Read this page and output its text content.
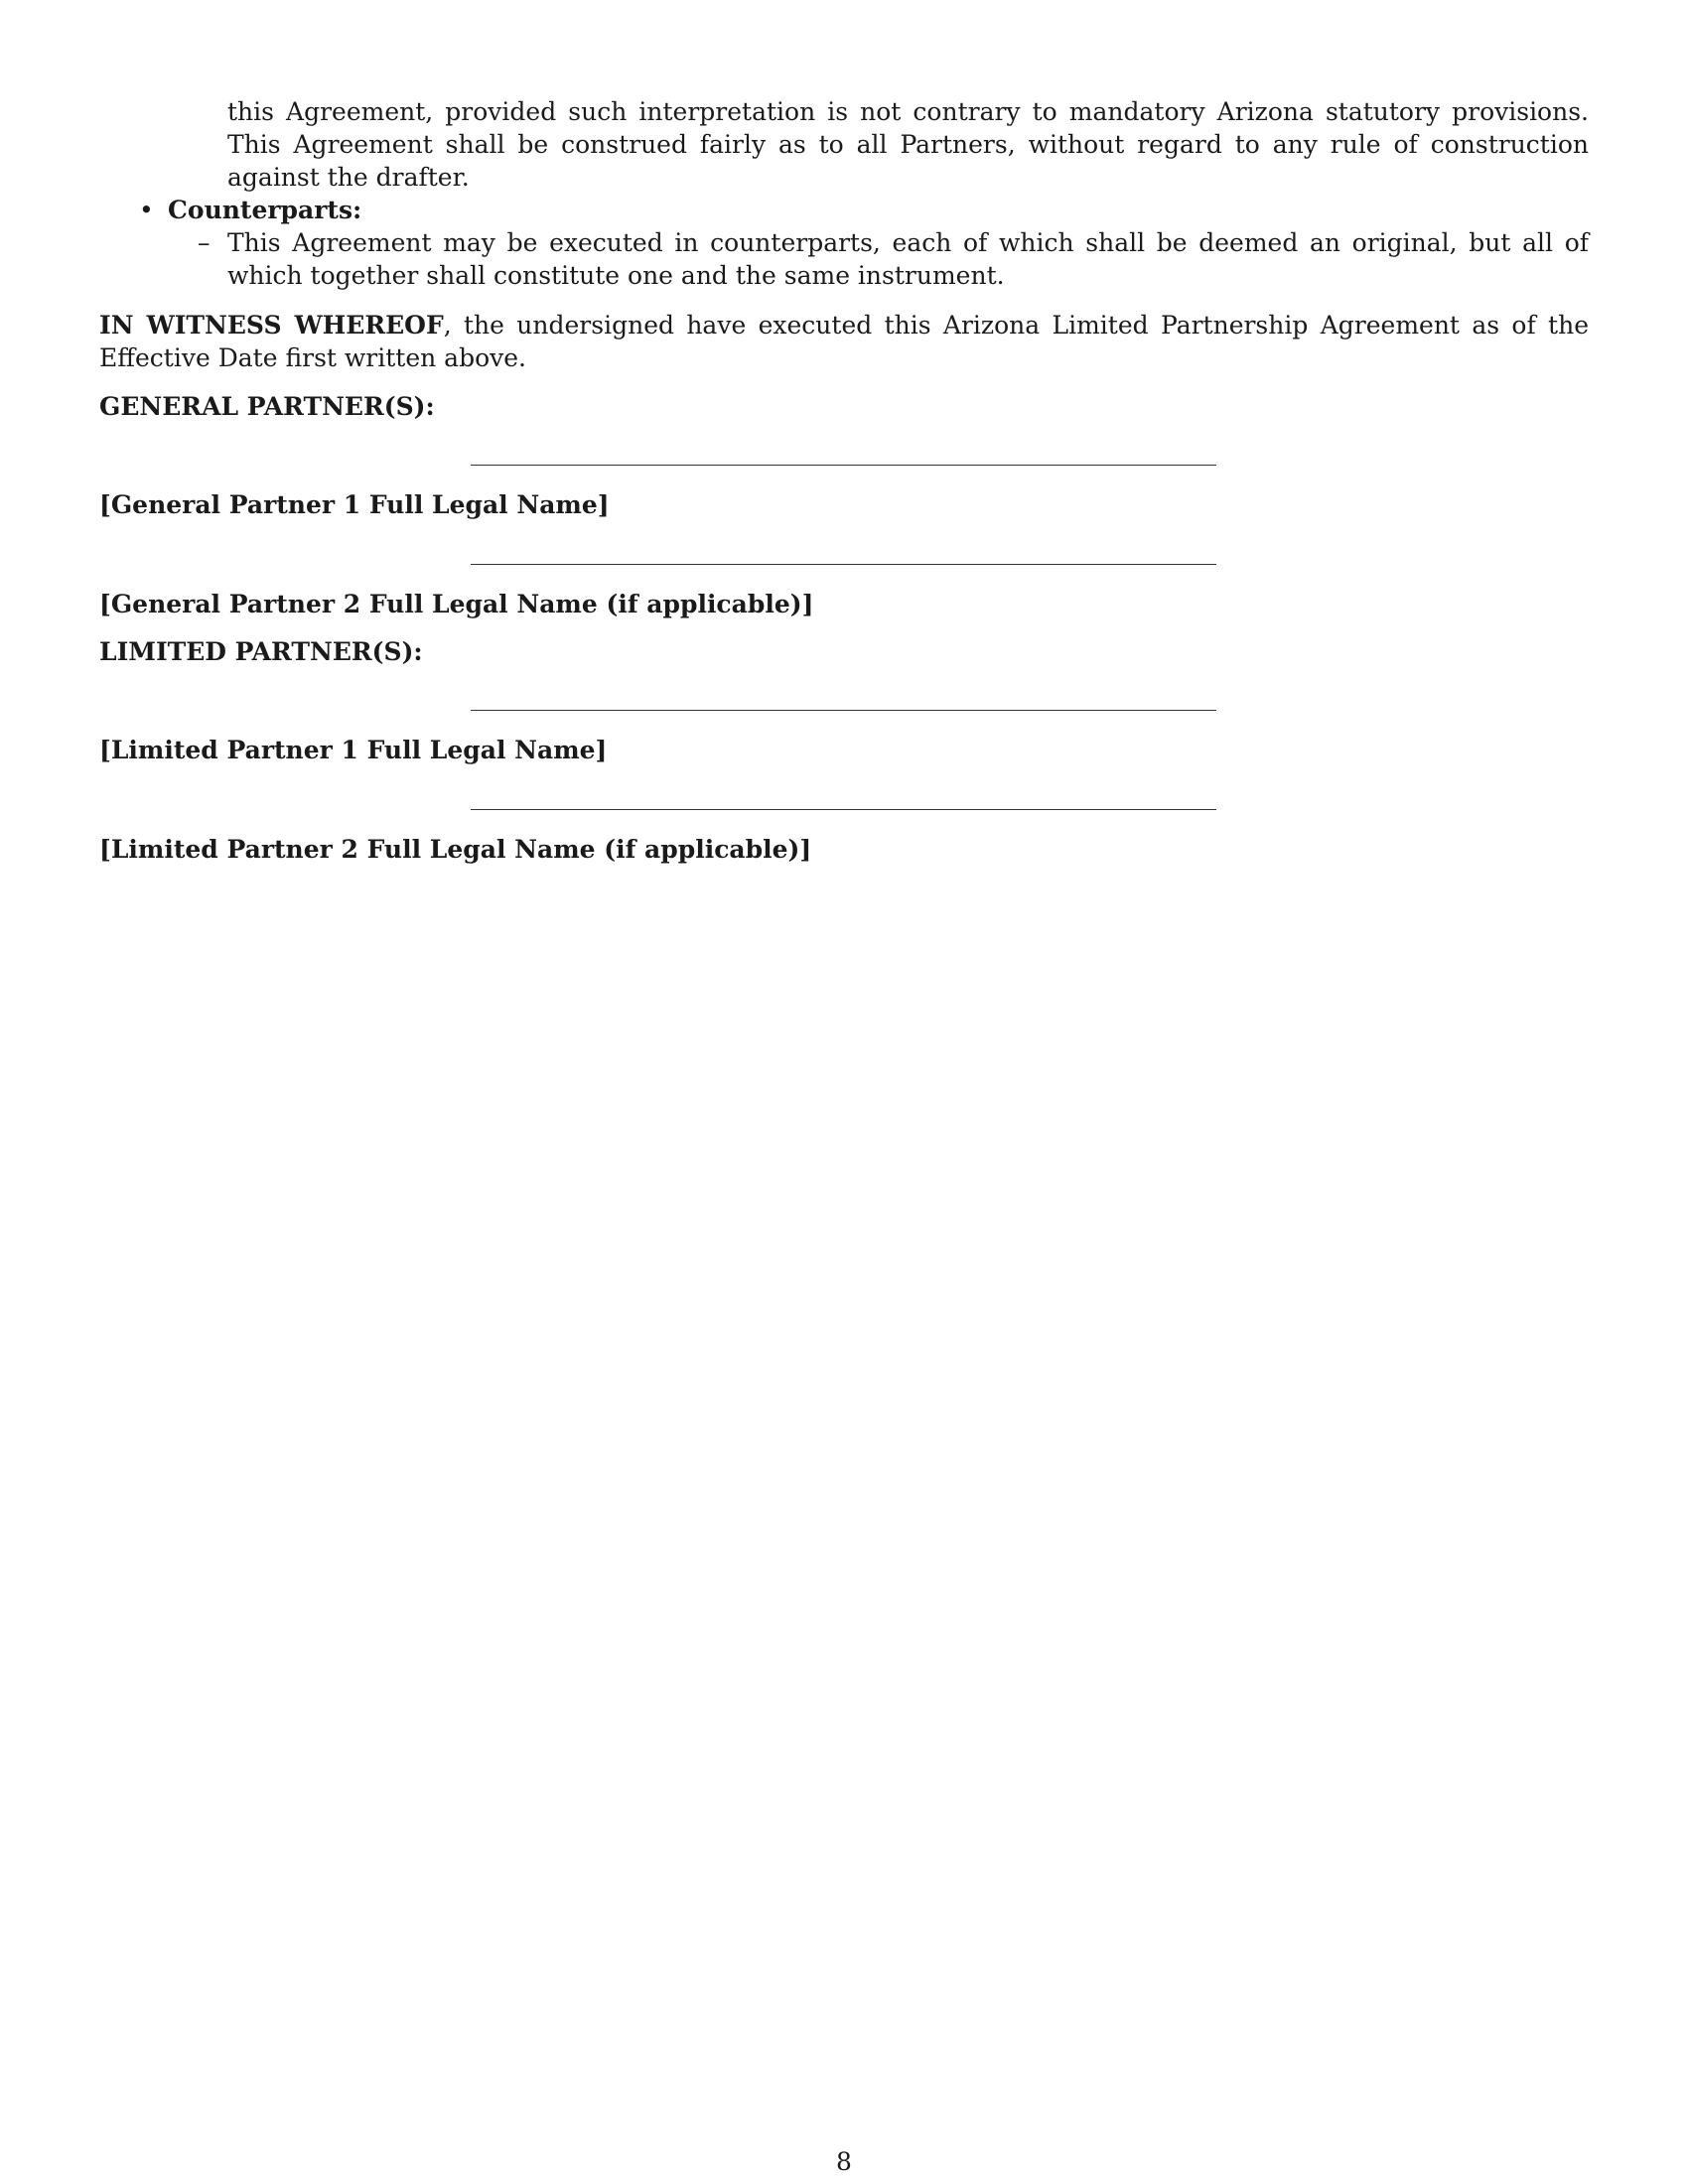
this Agreement, provided such interpretation is not contrary to mandatory Arizona statutory provisions. This Agreement shall be construed fairly as to all Partners, without regard to any rule of construction against the drafter.
• Counterparts:
– This Agreement may be executed in counterparts, each of which shall be deemed an original, but all of which together shall constitute one and the same instrument.
IN WITNESS WHEREOF, the undersigned have executed this Arizona Limited Partnership Agreement as of the Effective Date first written above.
GENERAL PARTNER(S):
[General Partner 1 Full Legal Name]
[General Partner 2 Full Legal Name (if applicable)]
LIMITED PARTNER(S):
[Limited Partner 1 Full Legal Name]
[Limited Partner 2 Full Legal Name (if applicable)]
8
